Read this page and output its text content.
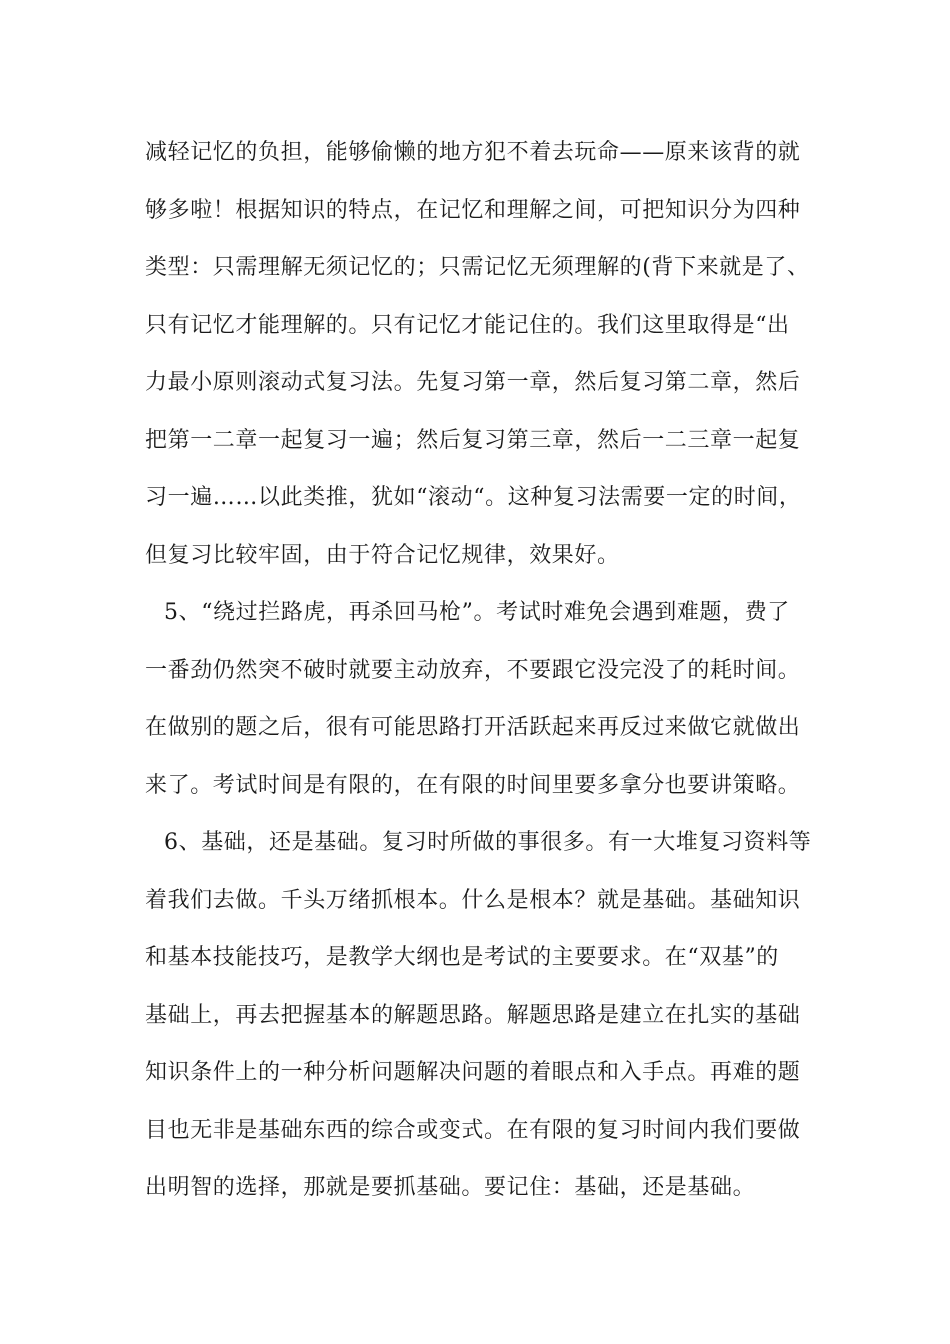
减轻记忆的负担，能够偷懒的地方犯不着去玩命——原来该背的就
够多啦！根据知识的特点，在记忆和理解之间，可把知识分为四种
类型：只需理解无须记忆的；只需记忆无须理解的(背下来就是了、
只有记忆才能理解的。只有记忆才能记住的。我们这里取得是“出
力最小原则滚动式复习法。先复习第一章，然后复习第二章，然后
把第一二章一起复习一遍；然后复习第三章，然后一二三章一起复
习一遍……以此类推，犹如“滚动“。这种复习法需要一定的时间，
但复习比较牢固，由于符合记忆规律，效果好。
5、“绕过拦路虎，再杀回马枪”。考试时难免会遇到难题，费了
一番劲仍然突不破时就要主动放弃，不要跟它没完没了的耗时间。
在做别的题之后，很有可能思路打开活跃起来再反过来做它就做出
来了。考试时间是有限的，在有限的时间里要多拿分也要讲策略。
6、基础，还是基础。复习时所做的事很多。有一大堆复习资料等
着我们去做。千头万绪抓根本。什么是根本？就是基础。基础知识
和基本技能技巧，是教学大纲也是考试的主要要求。在“双基”的
基础上，再去把握基本的解题思路。解题思路是建立在扎实的基础
知识条件上的一种分析问题解决问题的着眼点和入手点。再难的题
目也无非是基础东西的综合或变式。在有限的复习时间内我们要做
出明智的选择，那就是要抓基础。要记住：基础，还是基础。
